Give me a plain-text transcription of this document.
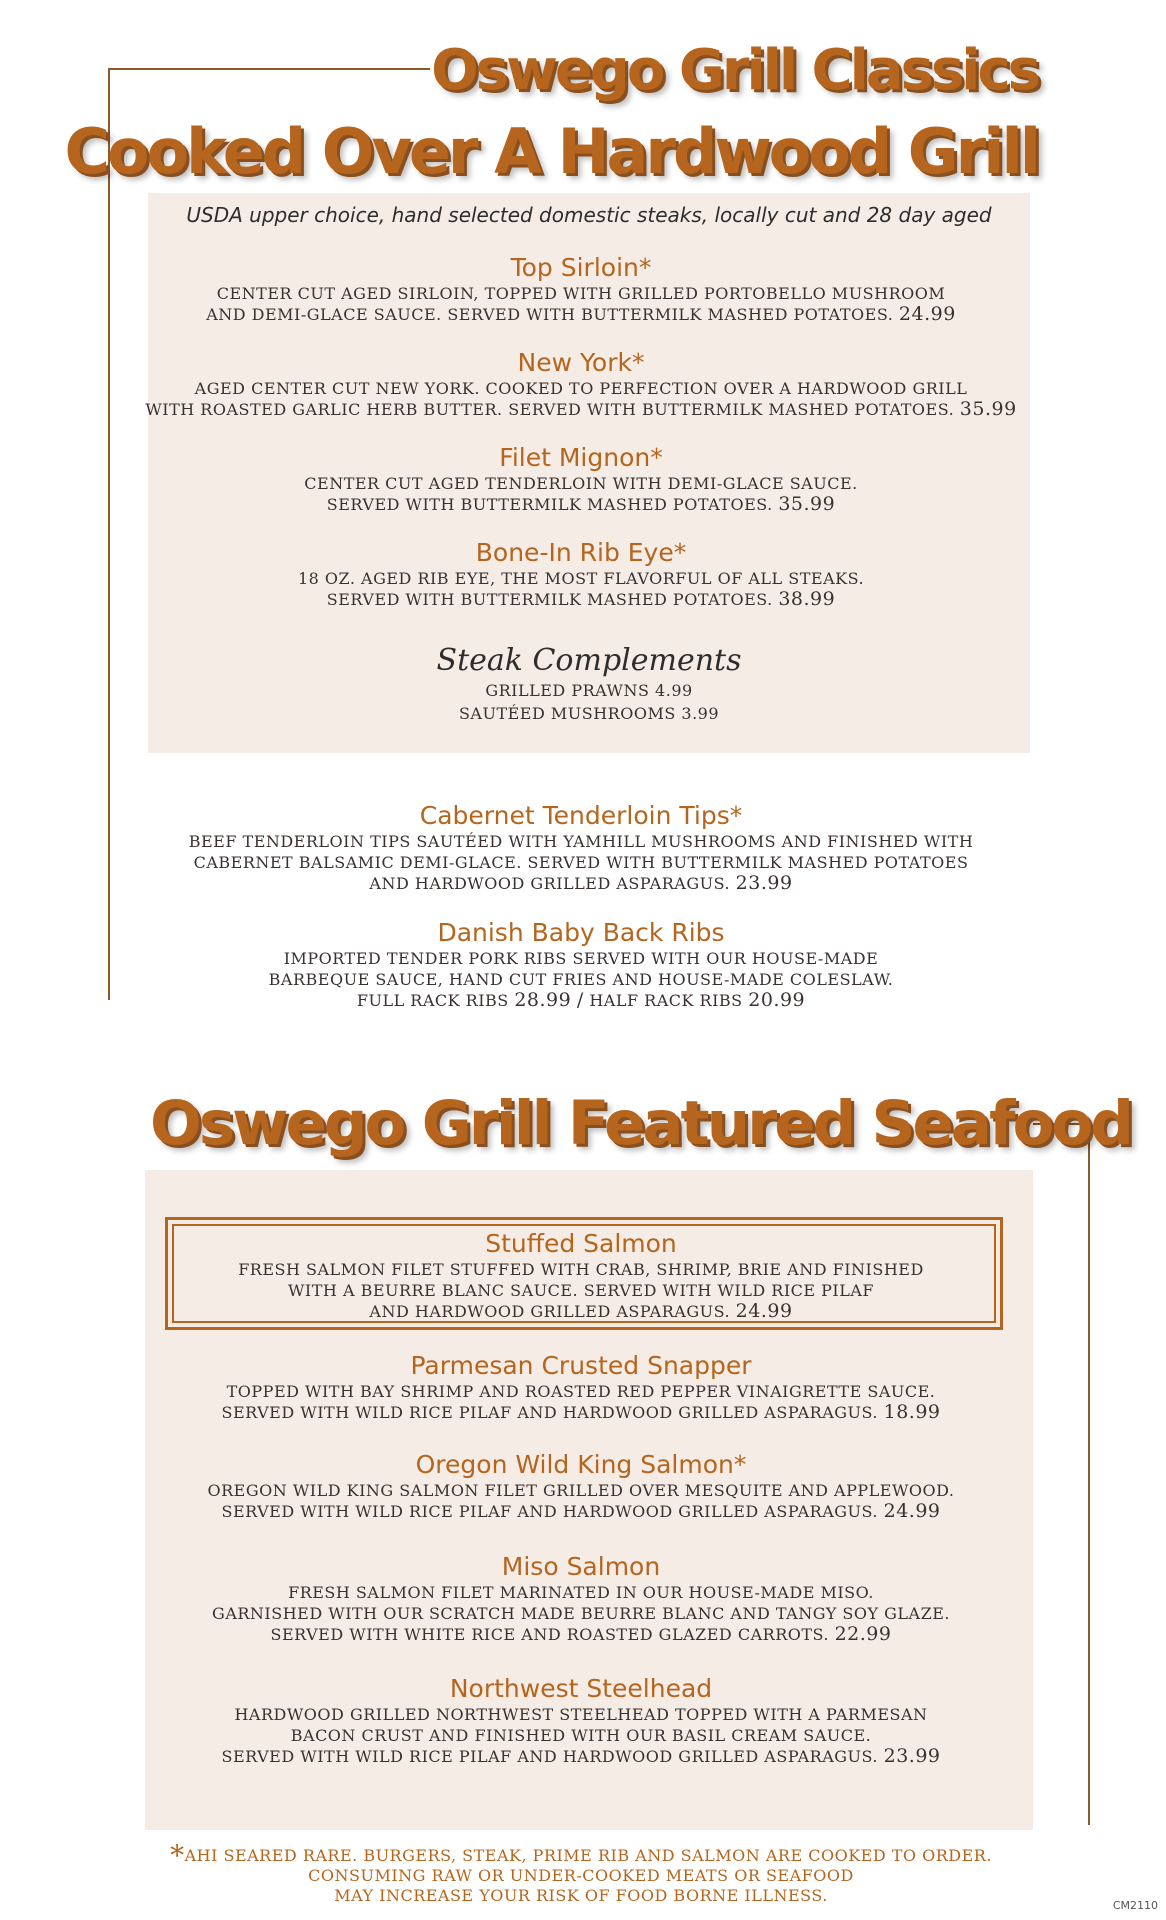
Oswego Grill Classics
Cooked Over A Hardwood Grill
USDA upper choice, hand selected domestic steaks, locally cut and 28 day aged
Top Sirloin*
CENTER CUT AGED SIRLOIN, TOPPED WITH GRILLED PORTOBELLO MUSHROOM
AND DEMI-GLACE SAUCE. SERVED WITH BUTTERMILK MASHED POTATOES. 24.99
New York*
AGED CENTER CUT NEW YORK. COOKED TO PERFECTION OVER A HARDWOOD GRILL
WITH ROASTED GARLIC HERB BUTTER. SERVED WITH BUTTERMILK MASHED POTATOES. 35.99
Filet Mignon*
CENTER CUT AGED TENDERLOIN WITH DEMI-GLACE SAUCE.
SERVED WITH BUTTERMILK MASHED POTATOES. 35.99
Bone-In Rib Eye*
18 OZ. AGED RIB EYE, THE MOST FLAVORFUL OF ALL STEAKS.
SERVED WITH BUTTERMILK MASHED POTATOES. 38.99
Steak Complements
GRILLED PRAWNS 4.99
SAUTÉED MUSHROOMS 3.99
Cabernet Tenderloin Tips*
BEEF TENDERLOIN TIPS SAUTÉED WITH YAMHILL MUSHROOMS AND FINISHED WITH
CABERNET BALSAMIC DEMI-GLACE. SERVED WITH BUTTERMILK MASHED POTATOES
AND HARDWOOD GRILLED ASPARAGUS. 23.99
Danish Baby Back Ribs
IMPORTED TENDER PORK RIBS SERVED WITH OUR HOUSE-MADE
BARBEQUE SAUCE, HAND CUT FRIES AND HOUSE-MADE COLESLAW.
FULL RACK RIBS 28.99 / HALF RACK RIBS 20.99
Oswego Grill Featured Seafood
Stuffed Salmon
FRESH SALMON FILET STUFFED WITH CRAB, SHRIMP, BRIE AND FINISHED
WITH A BEURRE BLANC SAUCE. SERVED WITH WILD RICE PILAF
AND HARDWOOD GRILLED ASPARAGUS. 24.99
Parmesan Crusted Snapper
TOPPED WITH BAY SHRIMP AND ROASTED RED PEPPER VINAIGRETTE SAUCE.
SERVED WITH WILD RICE PILAF AND HARDWOOD GRILLED ASPARAGUS. 18.99
Oregon Wild King Salmon*
OREGON WILD KING SALMON FILET GRILLED OVER MESQUITE AND APPLEWOOD.
SERVED WITH WILD RICE PILAF AND HARDWOOD GRILLED ASPARAGUS. 24.99
Miso Salmon
FRESH SALMON FILET MARINATED IN OUR HOUSE-MADE MISO.
GARNISHED WITH OUR SCRATCH MADE BEURRE BLANC AND TANGY SOY GLAZE.
SERVED WITH WHITE RICE AND ROASTED GLAZED CARROTS. 22.99
Northwest Steelhead
HARDWOOD GRILLED NORTHWEST STEELHEAD TOPPED WITH A PARMESAN
BACON CRUST AND FINISHED WITH OUR BASIL CREAM SAUCE.
SERVED WITH WILD RICE PILAF AND HARDWOOD GRILLED ASPARAGUS. 23.99
*AHI SEARED RARE. BURGERS, STEAK, PRIME RIB AND SALMON ARE COOKED TO ORDER.
CONSUMING RAW OR UNDER-COOKED MEATS OR SEAFOOD
MAY INCREASE YOUR RISK OF FOOD BORNE ILLNESS.
CM2110
